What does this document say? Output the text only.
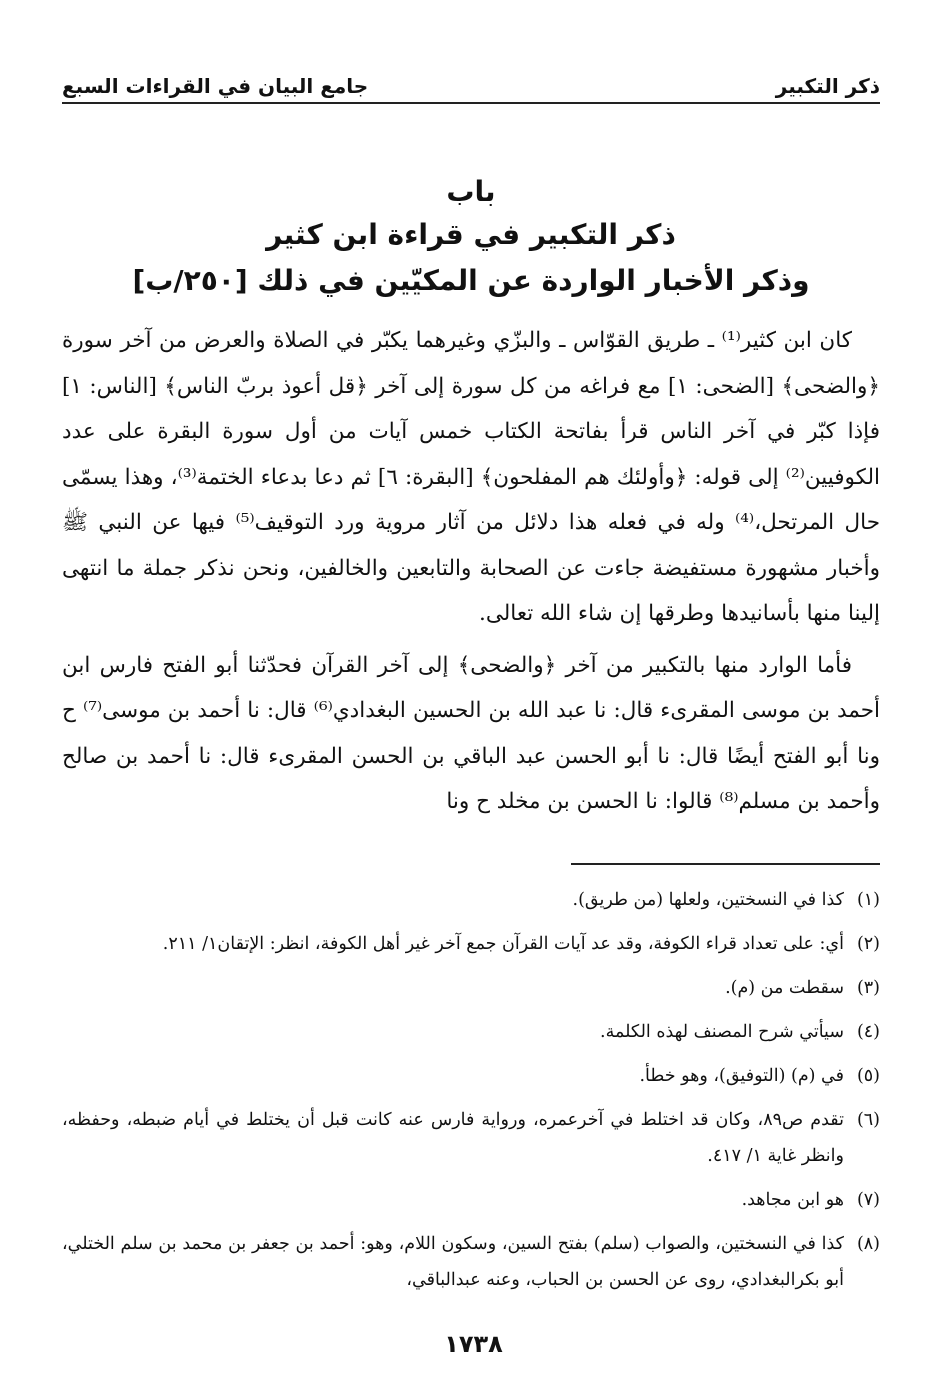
ذكر التكبير
جامع البيان في القراءات السبع
باب
ذكر التكبير في قراءة ابن كثير
وذكر الأخبار الواردة عن المكيّين في ذلك [٢٥٠/ب]

كان ابن كثير⁽¹⁾ ـ طريق القوّاس ـ والبزّي وغيرهما يكبّر في الصلاة والعرض من آخر سورة ﴿والضحى﴾ [الضحى: ١] مع فراغه من كل سورة إلى آخر ﴿قل أعوذ بربّ الناس﴾ [الناس: ١] فإذا كبّر في آخر الناس قرأ بفاتحة الكتاب خمس آيات من أول سورة البقرة على عدد الكوفيين⁽²⁾ إلى قوله: ﴿وأولئك هم المفلحون﴾ [البقرة: ٦] ثم دعا بدعاء الختمة⁽³⁾، وهذا يسمّى حال المرتحل،⁽⁴⁾ وله في فعله هذا دلائل من آثار مروية ورد التوقيف⁽⁵⁾ فيها عن النبي ﷺ وأخبار مشهورة مستفيضة جاءت عن الصحابة والتابعين والخالفين، ونحن نذكر جملة ما انتهى إلينا منها بأسانيدها وطرقها إن شاء الله تعالى.

فأما الوارد منها بالتكبير من آخر ﴿والضحى﴾ إلى آخر القرآن فحدّثنا أبو الفتح فارس ابن أحمد بن موسى المقرىء قال: نا عبد الله بن الحسين البغدادي⁽⁶⁾ قال: نا أحمد بن موسى⁽⁷⁾ ح ونا أبو الفتح أيضًا قال: نا أبو الحسن عبد الباقي بن الحسن المقرىء قال: نا أحمد بن صالح وأحمد بن مسلم⁽⁸⁾ قالوا: نا الحسن بن مخلد ح ونا

(١)
كذا في النسختين، ولعلها (من طريق).
(٢)
أي: على تعداد قراء الكوفة، وقد عد آيات القرآن جمع آخر غير أهل الكوفة، انظر: الإتقان١/ ٢١١.
(٣)
سقطت من (م).
(٤)
سيأتي شرح المصنف لهذه الكلمة.
(٥)
في (م) (التوفيق)، وهو خطأ.
(٦)
تقدم ص٨٩، وكان قد اختلط في آخرعمره، ورواية فارس عنه كانت قبل أن يختلط في أيام ضبطه، وحفظه، وانظر غاية ١/ ٤١٧.
(٧)
هو ابن مجاهد.
(٨)
كذا في النسختين، والصواب (سلم) بفتح السين، وسكون اللام، وهو: أحمد بن جعفر بن محمد بن سلم الختلي، أبو بكرالبغدادي، روى عن الحسن بن الحباب، وعنه عبدالباقي،
١٧٣٨
